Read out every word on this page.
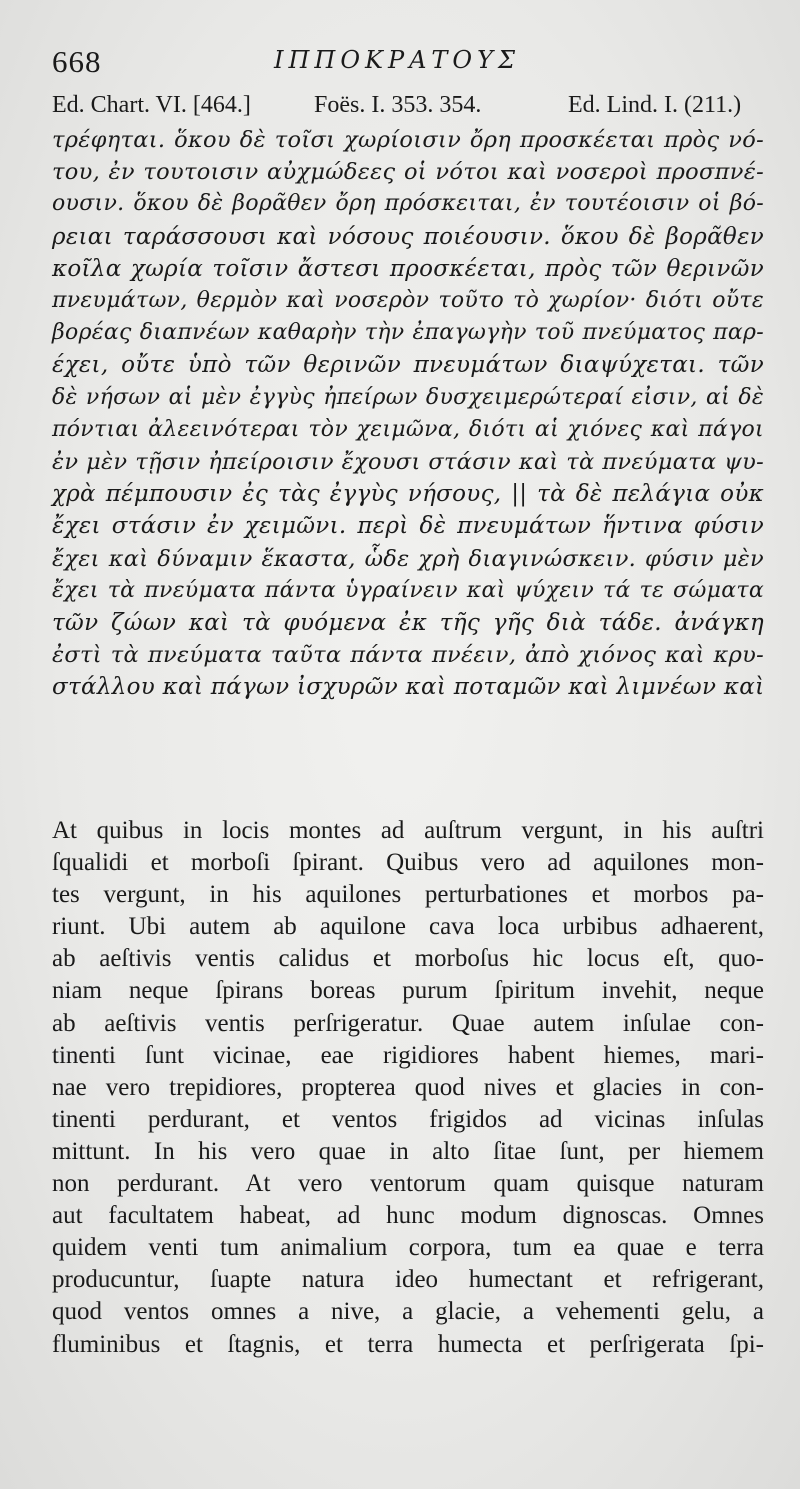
668	ΙΠΠΟΚΡΑΤΟΥΣ
Ed. Chart. VI. [464.]	Foës. I. 353. 354.	Ed. Lind. I. (211.)
τρέφηται. ὅκου δὲ τοῖσι χωρίοισιν ὄρη προσκέεται πρὸς νό-
του, ἐν τουτοισιν αὐχμώδεες οἱ νότοι καὶ νοσεροὶ προσπνέ-
ουσιν. ὅκου δὲ βορᾶθεν ὄρη πρόσκειται, ἐν τουτέοισιν οἱ βό-
ρειαι ταράσσουσι καὶ νόσους ποιέουσιν. ὅκου δὲ βορᾶθεν
κοῖλα χωρία τοῖσιν ἄστεσι προσκέεται, πρὸς τῶν θερινῶν
πνευμάτων, θερμὸν καὶ νοσερὸν τοῦτο τὸ χωρίον· διότι οὔτε
βορέας διαπνέων καθαρὴν τὴν ἐπαγωγὴν τοῦ πνεύματος παρ-
έχει, οὔτε ὑπὸ τῶν θερινῶν πνευμάτων διαψύχεται. τῶν
δὲ νήσων αἱ μὲν ἐγγὺς ἠπείρων δυσχειμερώτεραί εἰσιν, αἱ δὲ
πόντιαι ἀλεεινότεραι τὸν χειμῶνα, διότι αἱ χιόνες καὶ πάγοι
ἐν μὲν τῇσιν ἠπείροισιν ἔχουσι στάσιν καὶ τὰ πνεύματα ψυ-
χρὰ πέμπουσιν ἐς τὰς ἐγγὺς νήσους, || τὰ δὲ πελάγια οὐκ
ἔχει στάσιν ἐν χειμῶνι. περὶ δὲ πνευμάτων ἥντινα φύσιν
ἔχει καὶ δύναμιν ἕκαστα, ὧδε χρὴ διαγινώσκειν. φύσιν μὲν
ἔχει τὰ πνεύματα πάντα ὑγραίνειν καὶ ψύχειν τά τε σώματα
τῶν ζώων καὶ τὰ φυόμενα ἐκ τῆς γῆς διὰ τάδε. ἀνάγκη
ἐστὶ τὰ πνεύματα ταῦτα πάντα πνέειν, ἀπὸ χιόνος καὶ κρυ-
στάλλου καὶ πάγων ἰσχυρῶν καὶ ποταμῶν καὶ λιμνέων καὶ
At quibus in locis montes ad auſtrum vergunt, in his auſtri
ſqualidi et morboſi ſpirant. Quibus vero ad aquilones mon-
tes vergunt, in his aquilones perturbationes et morbos pa-
riunt. Ubi autem ab aquilone cava loca urbibus adhaerent,
ab aeſtivis ventis calidus et morboſus hic locus eſt, quo-
niam neque ſpirans boreas purum ſpiritum invehit, neque
ab aeſtivis ventis perſrigeratur. Quae autem inſulae con-
tinenti ſunt vicinae, eae rigidiores habent hiemes, mari-
nae vero trepidiores, propterea quod nives et glacies in con-
tinenti perdurant, et ventos frigidos ad vicinas inſulas
mittunt. In his vero quae in alto ſitae ſunt, per hiemem
non perdurant. At vero ventorum quam quisque naturam
aut facultatem habeat, ad hunc modum dignoscas. Omnes
quidem venti tum animalium corpora, tum ea quae e terra
producuntur, ſuapte natura ideo humectant et refrigerant,
quod ventos omnes a nive, a glacie, a vehementi gelu, a
fluminibus et ſtagnis, et terra humecta et perſrigerata ſpi-
